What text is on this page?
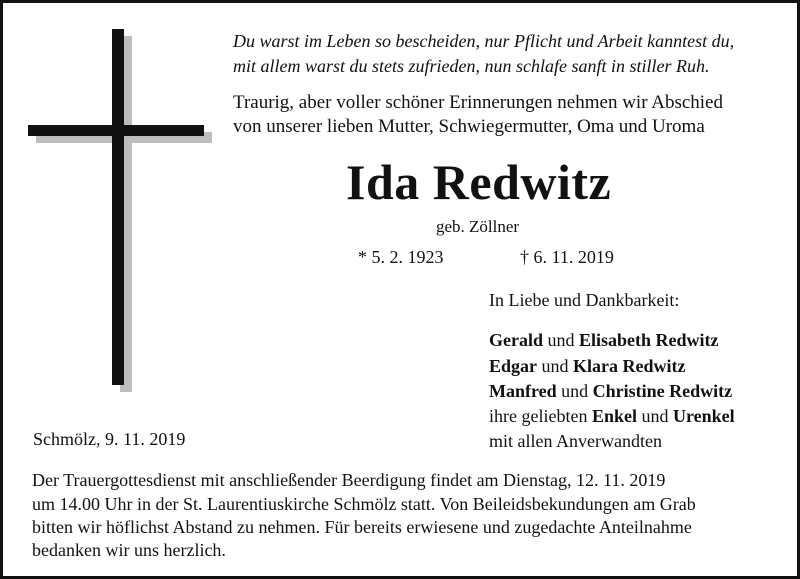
Du warst im Leben so bescheiden, nur Pflicht und Arbeit kanntest du,
mit allem warst du stets zufrieden, nun schlafe sanft in stiller Ruh.
Traurig, aber voller schöner Erinnerungen nehmen wir Abschied
von unserer lieben Mutter, Schwiegermutter, Oma und Uroma
Ida Redwitz
geb. Zöllner
* 5. 2. 1923	† 6. 11. 2019
In Liebe und Dankbarkeit:
Gerald und Elisabeth Redwitz
Edgar und Klara Redwitz
Manfred und Christine Redwitz
ihre geliebten Enkel und Urenkel
mit allen Anverwandten
Schmölz, 9. 11. 2019
Der Trauergottesdienst mit anschließender Beerdigung findet am Dienstag, 12. 11. 2019
um 14.00 Uhr in der St. Laurentiuskirche Schmölz statt. Von Beileidsbekundungen am Grab
bitten wir höflichst Abstand zu nehmen. Für bereits erwiesene und zugedachte Anteilnahme
bedanken wir uns herzlich.
